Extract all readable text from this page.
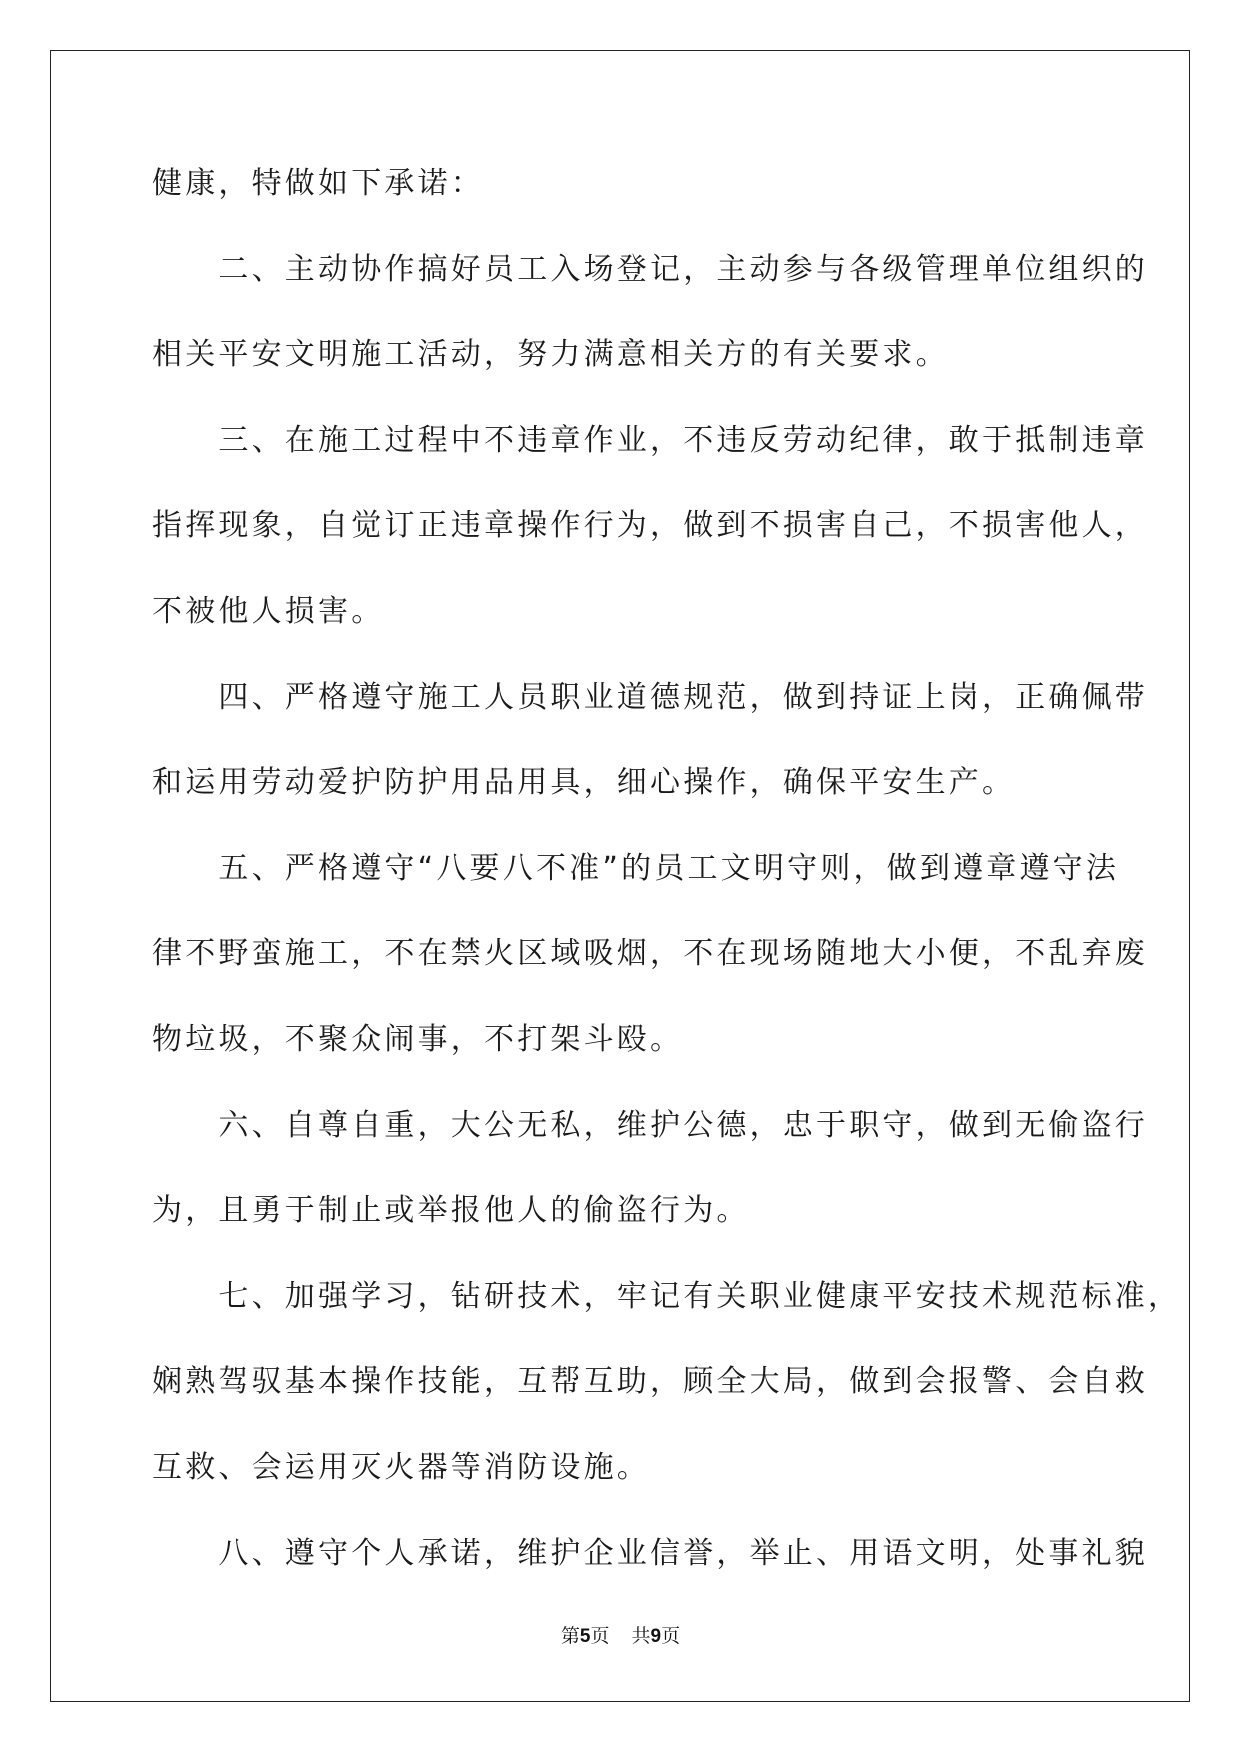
健康，特做如下承诺：
　　二、主动协作搞好员工入场登记，主动参与各级管理单位组织的
相关平安文明施工活动，努力满意相关方的有关要求。
　　三、在施工过程中不违章作业，不违反劳动纪律，敢于抵制违章
指挥现象，自觉订正违章操作行为，做到不损害自己，不损害他人，
不被他人损害。
　　四、严格遵守施工人员职业道德规范，做到持证上岗，正确佩带
和运用劳动爱护防护用品用具，细心操作，确保平安生产。
　　五、严格遵守“八要八不准”的员工文明守则，做到遵章遵守法
律不野蛮施工，不在禁火区域吸烟，不在现场随地大小便，不乱弃废
物垃圾，不聚众闹事，不打架斗殴。
　　六、自尊自重，大公无私，维护公德，忠于职守，做到无偷盗行
为，且勇于制止或举报他人的偷盗行为。
　　七、加强学习，钻研技术，牢记有关职业健康平安技术规范标准，
娴熟驾驭基本操作技能，互帮互助，顾全大局，做到会报警、会自救
互救、会运用灭火器等消防设施。
　　八、遵守个人承诺，维护企业信誉，举止、用语文明，处事礼貌
第5页 共9页
